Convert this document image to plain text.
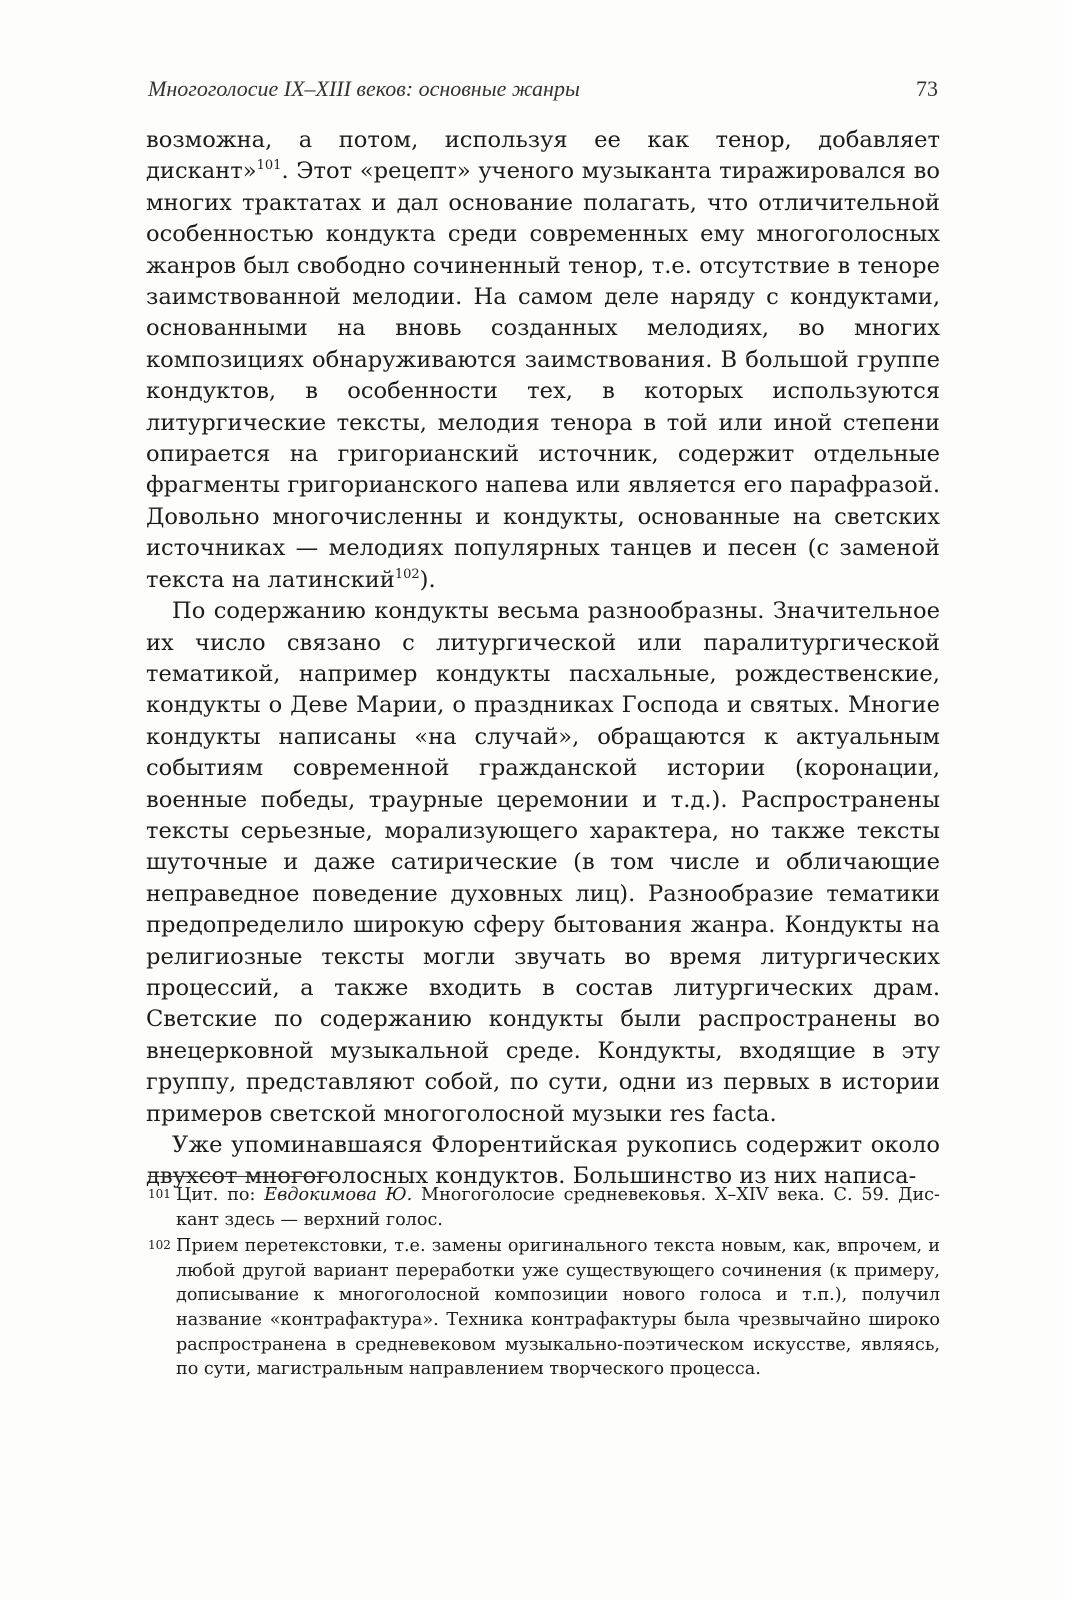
Многоголосие IX–XIII веков: основные жанры	73

возможна, а потом, используя ее как тенор, добавляет дискант»$^{101}$. Этот «рецепт» ученого музыканта тиражировался во многих трактатах и дал основание полагать, что отличительной особенностью кондукта среди современных ему многоголосных жанров был свободно сочиненный тенор, т.е. отсутствие в теноре заимствованной мелодии. На самом деле наряду с кондуктами, основанными на вновь созданных мелодиях, во многих композициях обнаруживаются заимствования. В большой группе кондуктов, в особенности тех, в которых используются литургические тексты, мелодия тенора в той или иной степени опирается на григорианский источник, содержит отдельные фрагменты григорианского напева или является его парафразой. Довольно многочисленны и кондукты, основанные на светских источниках — мелодиях популярных танцев и песен (с заменой текста на латинский$^{102}$).

По содержанию кондукты весьма разнообразны. Значительное их число связано с литургической или паралитургической тематикой, например кондукты пасхальные, рождественские, кондукты о Деве Марии, о праздниках Господа и святых. Многие кондукты написаны «на случай», обращаются к актуальным событиям современной гражданской истории (коронации, военные победы, траурные церемонии и т.д.). Распространены тексты серьезные, морализующего характера, но также тексты шуточные и даже сатирические (в том числе и обличающие неправедное поведение духовных лиц). Разнообразие тематики предопределило широкую сферу бытования жанра. Кондукты на религиозные тексты могли звучать во время литургических процессий, а также входить в состав литургических драм. Светские по содержанию кондукты были распространены во внецерковной музыкальной среде. Кондукты, входящие в эту группу, представляют собой, по сути, одни из первых в истории примеров светской многоголосной музыки res facta.

Уже упоминавшаяся Флорентийская рукопись содержит около двухсот многоголосных кондуктов. Большинство из них написа-

101 Цит. по: Евдокимова Ю. Многоголосие средневековья. X–XIV века. С. 59. Дискант здесь — верхний голос.
102 Прием перетекстовки, т.е. замены оригинального текста новым, как, впрочем, и любой другой вариант переработки уже существующего сочинения (к примеру, дописывание к многоголосной композиции нового голоса и т.п.), получил название «контрафактура». Техника контрафактуры была чрезвычайно широко распространена в средневековом музыкально-поэтическом искусстве, являясь, по сути, магистральным направлением творческого процесса.
